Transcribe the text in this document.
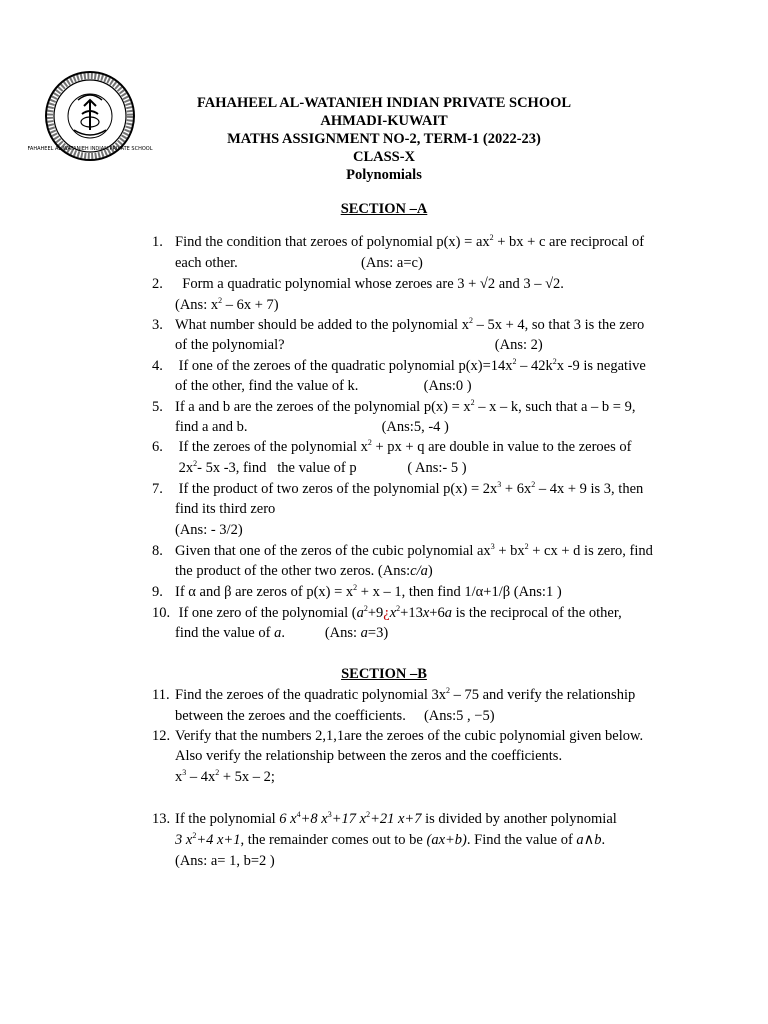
FAHAHEEL AL-WATANIEH INDIAN PRIVATE SCHOOL
FAHAHEEL AL-WATANIEH INDIAN PRIVATE SCHOOL
AHMADI-KUWAIT
MATHS ASSIGNMENT NO-2, TERM-1 (2022-23)
CLASS-X
Polynomials
SECTION –A
1. Find the condition that zeroes of polynomial $p(x) = ax^2$ + bx + c are reciprocal of
each other.                                  (Ans: a=c)
2. Form a quadratic polynomial whose zeroes are 3 + √2 and 3 – √2.
(Ans: $x^2 - 6x + 7$)
3. What number should be added to the polynomial $x^2 - 5x + 4$, so that 3 is the zero
of the polynomial?                                                          (Ans: 2)
4. If one of the zeroes of the quadratic polynomial $p(x)=14x^2 - 42k^2x$ -9 is negative
of the other, find the value of k.                  (Ans:0 )
5. If a and b are the zeroes of the polynomial $p(x) = x^2 - x - k$, such that a – b = 9,
find a and b.                                     (Ans:5, -4 )
6. If the zeroes of the polynomial $x^2$ + px + q are double in value to the zeroes of
$2x^2-$ 5x -3, find   the value of p              ( Ans:- 5 )
7. If the product of two zeros of the polynomial $p(x) = 2x^3 + 6x^2 - 4x + 9$ is 3, then
find its third zero
(Ans: - 3/2)
8. Given that one of the zeros of the cubic polynomial $ax^3 + bx^2$ + cx + d is zero, find
the product of the other two zeros. (Ans:c/a)
9. If α and β are zeros of $p(x) = x^2 + x - 1$, then find 1/α+1/β (Ans:1 )
10. If one zero of the polynomial ($a^2+9¿x^2+13x+6a$ is the reciprocal of the other,
find the value of a.           (Ans: a=3)
SECTION –B
11. Find the zeroes of the quadratic polynomial $3x^2 - 75$ and verify the relationship
between the zeroes and the coefficients.     (Ans:5 , −5)
12. Verify that the numbers 2,1,1are the zeroes of the cubic polynomial given below.
Also verify the relationship between the zeros and the coefficients.
$x^3 - 4x^2 + 5x - 2$;
13. If the polynomial 6 $x^4+8$ $x^3+17$ $x^2+21$ x+7 is divided by another polynomial
3 $x^2+4$ x+1, the remainder comes out to be (ax+b). Find the value of a∧b.
(Ans: a= 1, b=2 )
